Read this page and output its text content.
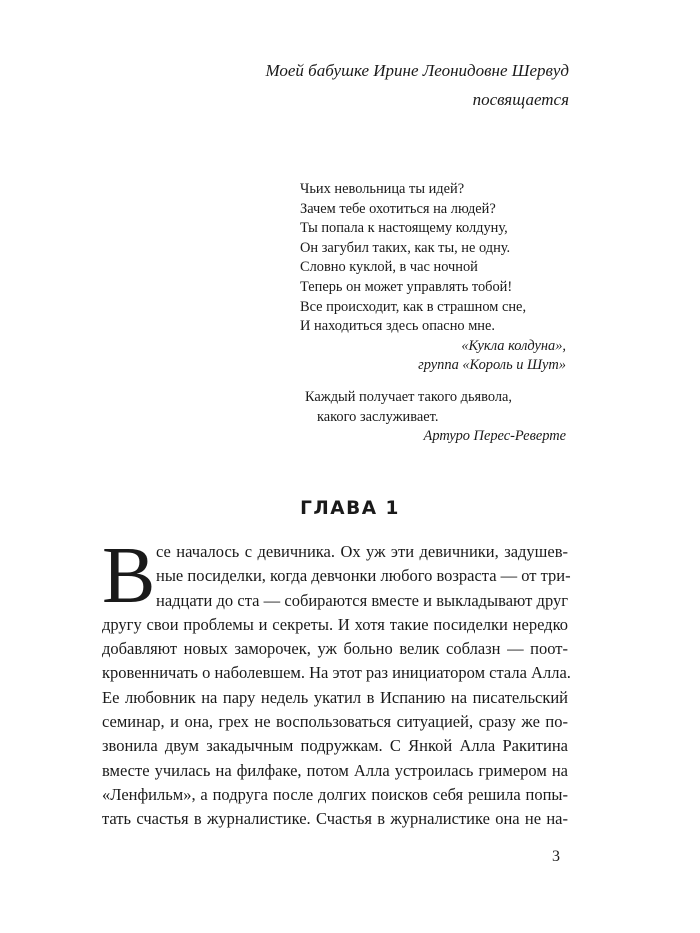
Моей бабушке Ирине Леонидовне Шервуд
посвящается
Чьих невольница ты идей?
Зачем тебе охотиться на людей?
Ты попала к настоящему колдуну,
Он загубил таких, как ты, не одну.
Словно куклой, в час ночной
Теперь он может управлять тобой!
Все происходит, как в страшном сне,
И находиться здесь опасно мне.
«Кукла колдуна»,
группа «Король и Шут»
Каждый получает такого дьявола,
какого заслуживает.
Артуро Перес-Реверте
ГЛАВА 1
В се началось с девичника. Ох уж эти девичники, задушев-
ные посиделки, когда девчонки любого возраста — от три-
надцати до ста — собираются вместе и выкладывают друг
другу свои проблемы и секреты. И хотя такие посиделки нередко
добавляют новых заморочек, уж больно велик соблазн — поот-
кровенничать о наболевшем. На этот раз инициатором стала Алла.
Ее любовник на пару недель укатил в Испанию на писательский
семинар, и она, грех не воспользоваться ситуацией, сразу же по-
звонила двум закадычным подружкам. С Янкой Алла Ракитина
вместе училась на филфаке, потом Алла устроилась гримером на
«Ленфильм», а подруга после долгих поисков себя решила попы-
тать счастья в журналистике. Счастья в журналистике она не на-
3
